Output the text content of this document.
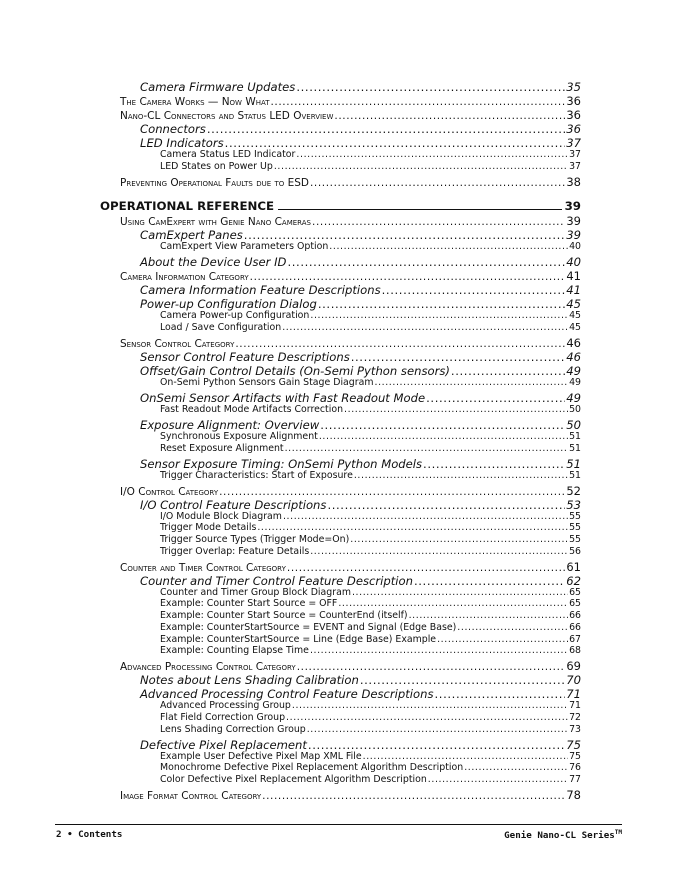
Camera Firmware Updates .....	35
The Camera Works — Now What .....	36
Nano-CL Connectors and Status LED Overview .....	36
Connectors .....	36
LED Indicators .....	37
Camera Status LED Indicator .....	37
LED States on Power Up .....	37
Preventing Operational Faults due to ESD .....	38
OPERATIONAL REFERENCE	39
Using CamExpert with Genie Nano Cameras .....	39
CamExpert Panes .....	39
CamExpert View Parameters Option .....	40
About the Device User ID .....	40
Camera Information Category .....	41
Camera Information Feature Descriptions .....	41
Power-up Configuration Dialog .....	45
Camera Power-up Configuration .....	45
Load / Save Configuration .....	45
Sensor Control Category .....	46
Sensor Control Feature Descriptions .....	46
Offset/Gain Control Details (On-Semi Python sensors) .....	49
On-Semi Python Sensors Gain Stage Diagram .....	49
OnSemi Sensor Artifacts with Fast Readout Mode .....	49
Fast Readout Mode Artifacts Correction .....	50
Exposure Alignment: Overview .....	50
Synchronous Exposure Alignment .....	51
Reset Exposure Alignment .....	51
Sensor Exposure Timing: OnSemi Python Models .....	51
Trigger Characteristics: Start of Exposure .....	51
I/O Control Category .....	52
I/O Control Feature Descriptions .....	53
I/O Module Block Diagram .....	55
Trigger Mode Details .....	55
Trigger Source Types (Trigger Mode=On) .....	55
Trigger Overlap: Feature Details .....	56
Counter and Timer Control Category .....	61
Counter and Timer Control Feature Description .....	62
Counter and Timer Group Block Diagram .....	65
Example: Counter Start Source = OFF .....	65
Example: Counter Start Source = CounterEnd (itself) .....	66
Example: CounterStartSource = EVENT and Signal (Edge Base) .....	66
Example: CounterStartSource = Line (Edge Base) Example .....	67
Example: Counting Elapse Time .....	68
Advanced Processing Control Category .....	69
Notes about Lens Shading Calibration .....	70
Advanced Processing Control Feature Descriptions .....	71
Advanced Processing Group .....	71
Flat Field Correction Group .....	72
Lens Shading Correction Group .....	73
Defective Pixel Replacement .....	75
Example User Defective Pixel Map XML File .....	75
Monochrome Defective Pixel Replacement Algorithm Description .....	76
Color Defective Pixel Replacement Algorithm Description .....	77
Image Format Control Category .....	78
2 • Contents	Genie Nano-CL Series™
